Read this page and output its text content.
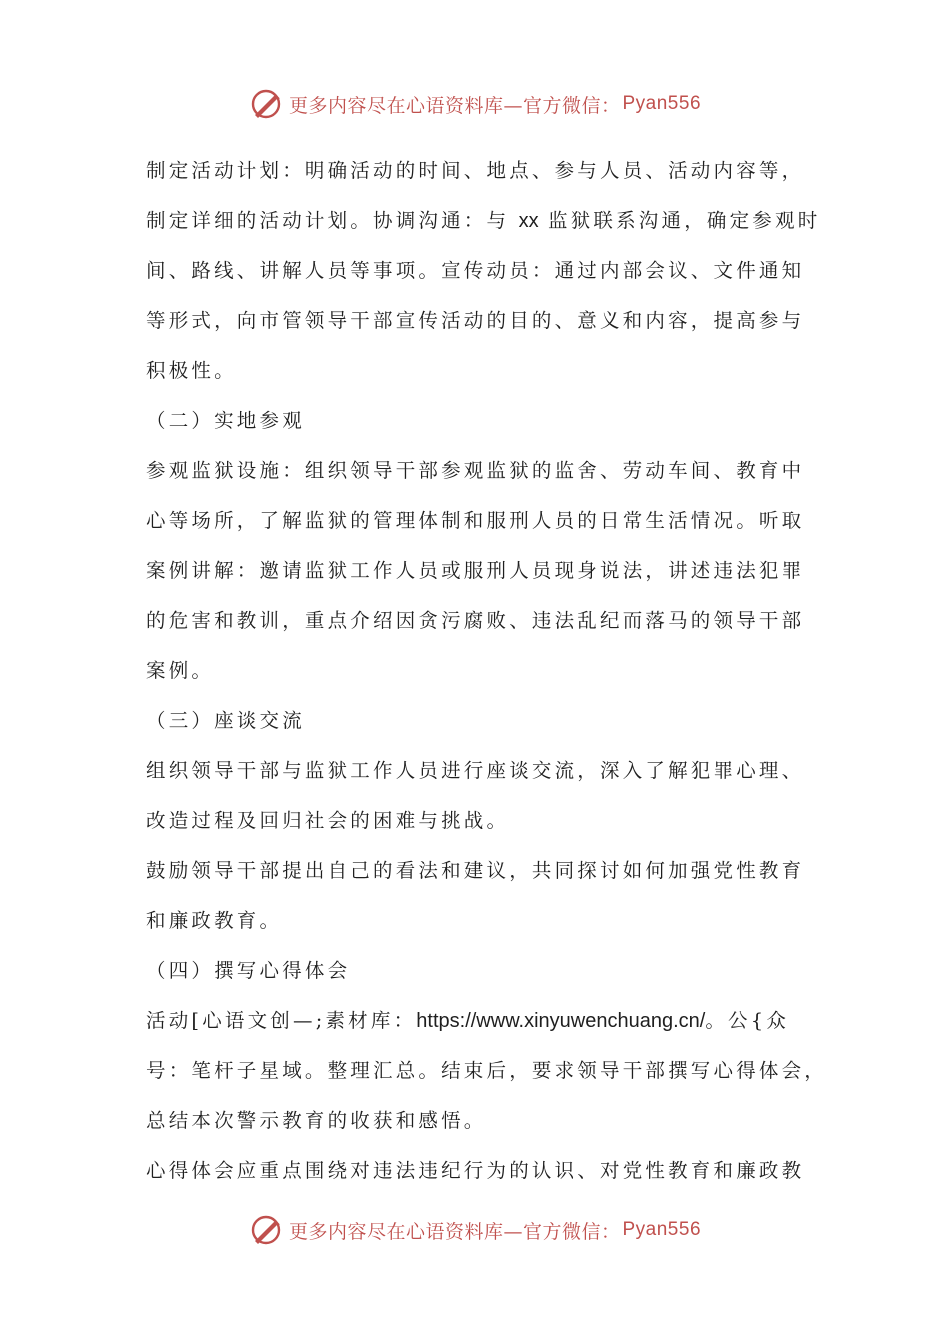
更多内容尽在心语资料库—官方微信： Pyan556
制定活动计划：明确活动的时间、地点、参与人员、活动内容等，
制定详细的活动计划。协调沟通：与 xx 监狱联系沟通，确定参观时
间、路线、讲解人员等事项。宣传动员：通过内部会议、文件通知
等形式，向市管领导干部宣传活动的目的、意义和内容，提高参与
积极性。
（二）实地参观
参观监狱设施：组织领导干部参观监狱的监舍、劳动车间、教育中
心等场所，了解监狱的管理体制和服刑人员的日常生活情况。听取
案例讲解：邀请监狱工作人员或服刑人员现身说法，讲述违法犯罪
的危害和教训，重点介绍因贪污腐败、违法乱纪而落马的领导干部
案例。
（三）座谈交流
组织领导干部与监狱工作人员进行座谈交流，深入了解犯罪心理、
改造过程及回归社会的困难与挑战。
鼓励领导干部提出自己的看法和建议，共同探讨如何加强党性教育
和廉政教育。
（四）撰写心得体会
活动[心语文创—;素材库：https://www.xinyuwenchuang.cn/。公{众
号：笔杆子星域。整理汇总。结束后，要求领导干部撰写心得体会，
总结本次警示教育的收获和感悟。
心得体会应重点围绕对违法违纪行为的认识、对党性教育和廉政教
更多内容尽在心语资料库—官方微信： Pyan556
